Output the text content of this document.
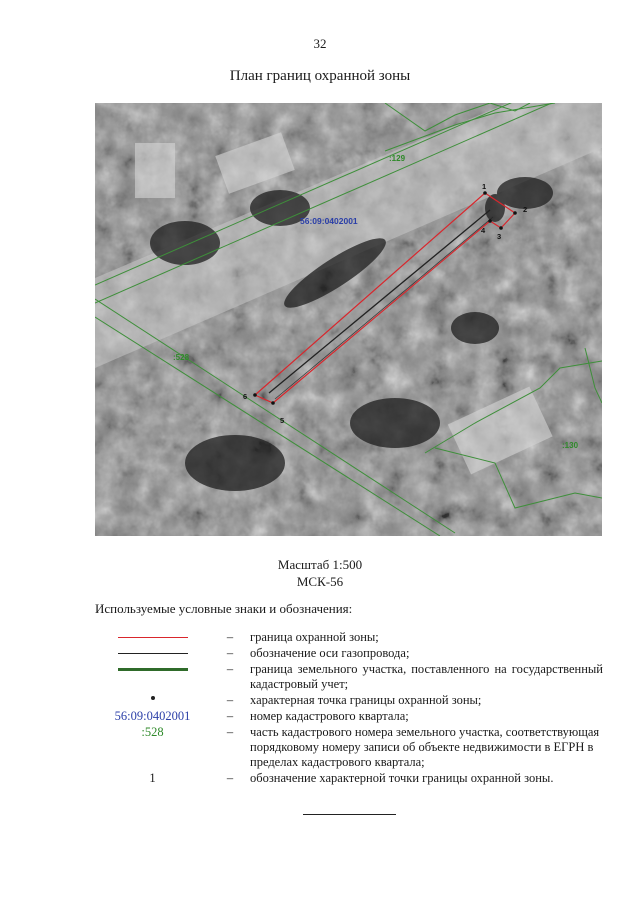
32
План границ охранной зоны
1
2
3
4
5
6
56:09:0402001
:129
:528
:130
Масштаб 1:500
МСК-56
Используемые условные знаки и обозначения:
–	граница охранной зоны;
–	обозначение оси газопровода;
–	граница земельного участка, поставленного на государственный кадастровый учет;
–	характерная точка границы охранной зоны;
56:09:0402001	–	номер кадастрового квартала;
:528	–	часть кадастрового номера земельного участка, соответствующая порядковому номеру записи об объекте недвижимости в ЕГРН в пределах кадастрового квартала;
1	–	обозначение характерной точки границы охранной зоны.
